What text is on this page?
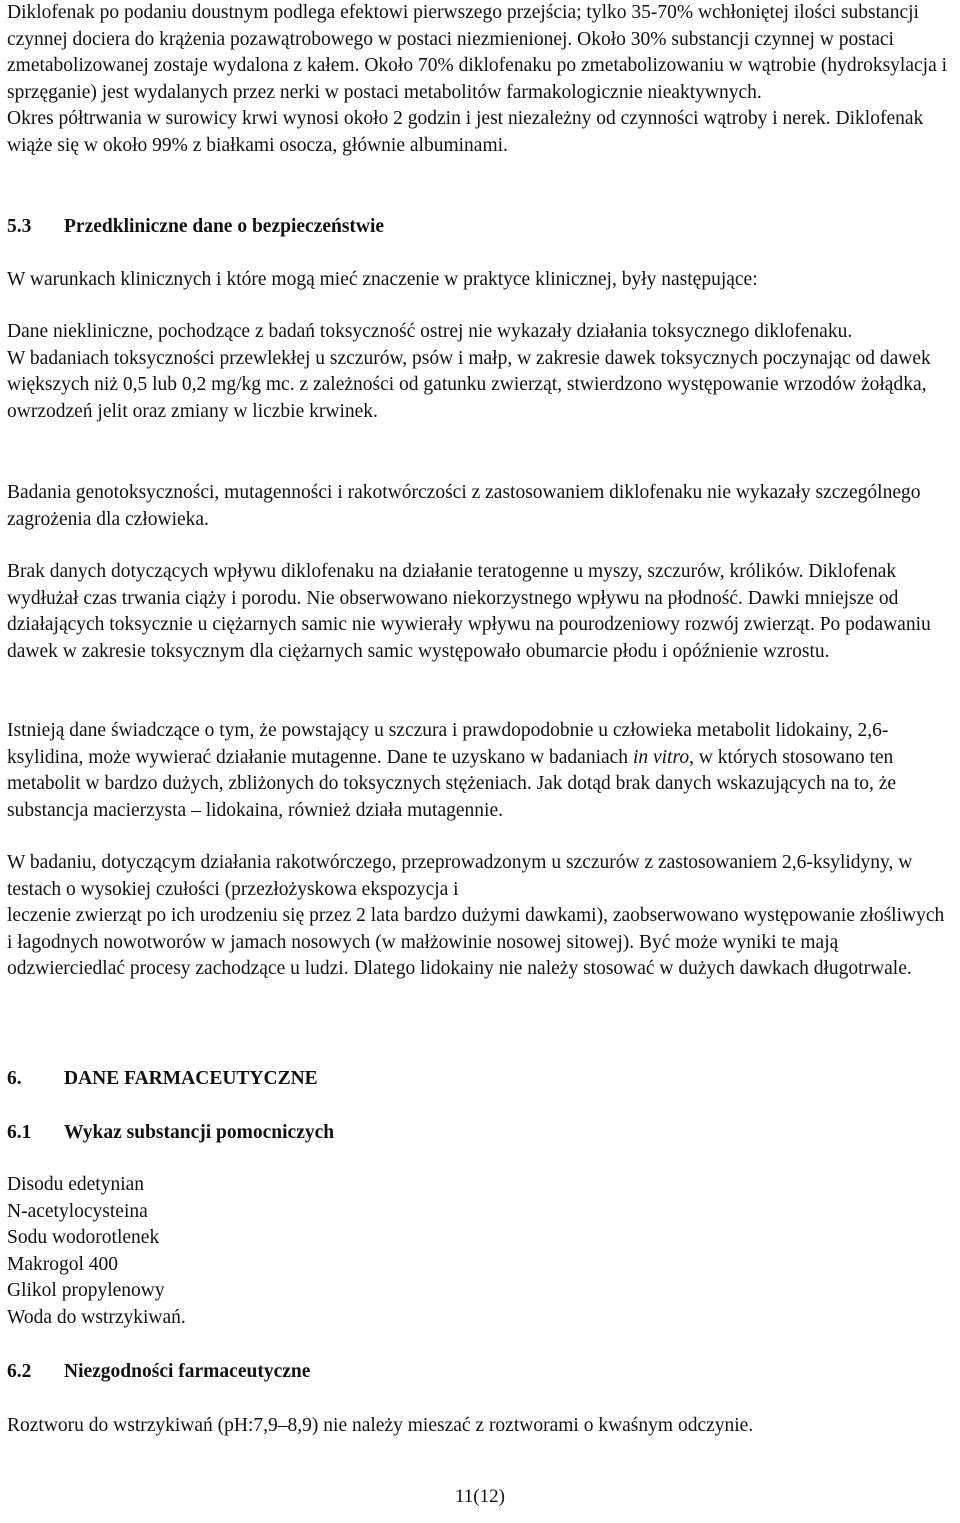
Diklofenak po podaniu doustnym podlega efektowi pierwszego przejścia; tylko 35-70% wchłoniętej ilości substancji czynnej dociera do krążenia pozawątrobowego w postaci niezmienionej. Około 30% substancji czynnej w postaci zmetabolizowanej zostaje wydalona z kałem. Około 70% diklofenaku po zmetabolizowaniu w wątrobie (hydroksylacja i sprzęganie) jest wydalanych przez nerki w postaci metabolitów farmakologicznie nieaktywnych.

Okres półtrwania w surowicy krwi wynosi około 2 godzin i jest niezależny od czynności wątroby i nerek. Diklofenak wiąże się w około 99% z białkami osocza, głównie albuminami.

5.3 Przedkliniczne dane o bezpieczeństwie

W warunkach klinicznych i które mogą mieć znaczenie w praktyce klinicznej, były następujące:

Dane niekliniczne, pochodzące z badań toksyczność ostrej nie wykazały działania toksycznego diklofenaku.

W badaniach toksyczności przewlekłej u szczurów, psów i małp, w zakresie dawek toksycznych poczynając od dawek większych niż 0,5 lub 0,2 mg/kg mc. z zależności od gatunku zwierząt, stwierdzono występowanie wrzodów żołądka, owrzodzeń jelit oraz zmiany w liczbie krwinek.

Badania genotoksyczności, mutagenności i rakotwórczości z zastosowaniem diklofenaku nie wykazały szczególnego zagrożenia dla człowieka.

Brak danych dotyczących wpływu diklofenaku na działanie teratogenne u myszy, szczurów, królików. Diklofenak wydłużał czas trwania ciąży i porodu. Nie obserwowano niekorzystnego wpływu na płodność. Dawki mniejsze od działających toksycznie u ciężarnych samic nie wywierały wpływu na pourodzeniowy rozwój zwierząt. Po podawaniu dawek w zakresie toksycznym dla ciężarnych samic występowało obumarcie płodu i opóźnienie wzrostu.

Istnieją dane świadczące o tym, że powstający u szczura i prawdopodobnie u człowieka metabolit lidokainy, 2,6-ksylidina, może wywierać działanie mutagenne. Dane te uzyskano w badaniach in vitro, w których stosowano ten metabolit w bardzo dużych, zbliżonych do toksycznych stężeniach. Jak dotąd brak danych wskazujących na to, że substancja macierzysta – lidokaina, również działa mutagennie.

W badaniu, dotyczącym działania rakotwórczego, przeprowadzonym u szczurów z zastosowaniem 2,6-ksylidyny, w testach o wysokiej czułości (przezłożyskowa ekspozycja i

leczenie zwierząt po ich urodzeniu się przez 2 lata bardzo dużymi dawkami), zaobserwowano występowanie złośliwych i łagodnych nowotworów w jamach nosowych (w małżowinie nosowej sitowej). Być może wyniki te mają odzwierciedlać procesy zachodzące u ludzi. Dlatego lidokainy nie należy stosować w dużych dawkach długotrwale.

6. DANE FARMACEUTYCZNE
6.1 Wykaz substancji pomocniczych
Disodu edetynian
N-acetylocysteina
Sodu wodorotlenek
Makrogol 400
Glikol propylenowy
Woda do wstrzykiwań.
6.2 Niezgodności farmaceutyczne

Roztworu do wstrzykiwań (pH:7,9–8,9) nie należy mieszać z roztworami o kwaśnym odczynie.

11(12)
